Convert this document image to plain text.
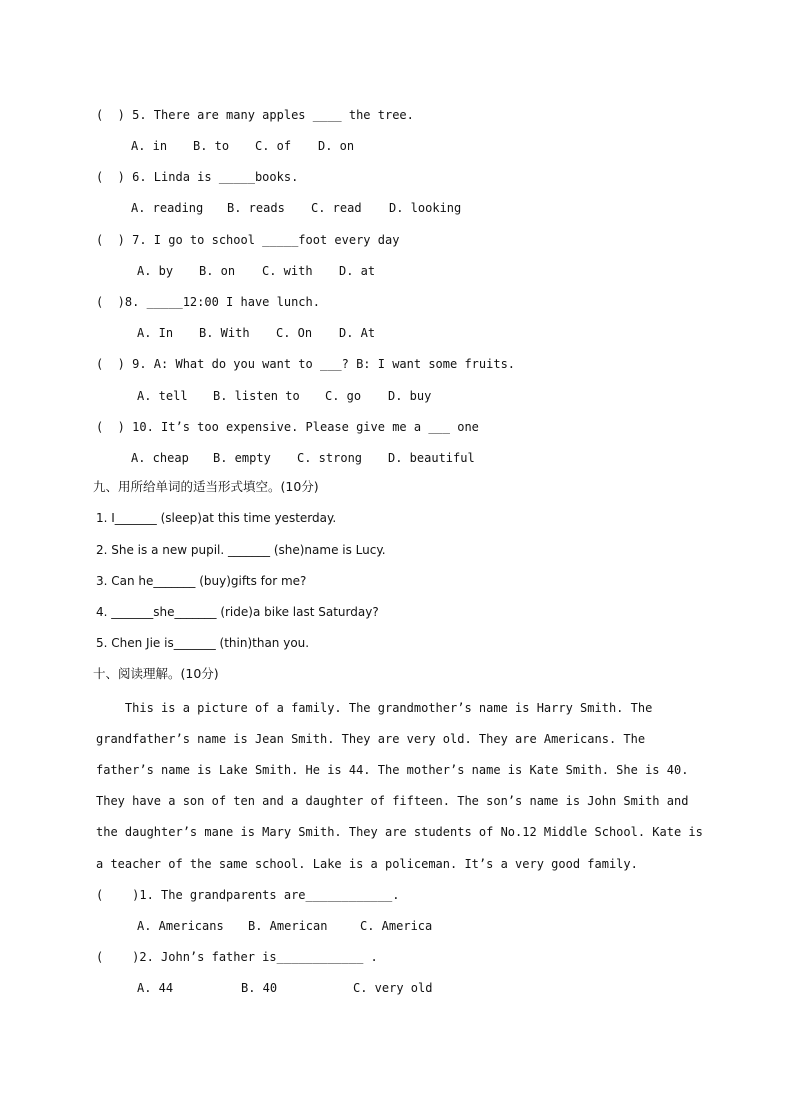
(  ) 5. There are many apples ____ the tree.
A. in B. to C. of D. on
(  ) 6. Linda is _____books.
A. reading B. reads C. read D. looking
(  ) 7. I go to school _____foot every day
A. by B. on C. with D. at
(  )8. _____12:00 I have lunch.
A. In B. With C. On D. At
(  ) 9. A: What do you want to ___? B: I want some fruits.
A. tell B. listen to C. go D. buy
(  ) 10. It’s too expensive. Please give me a ___ one
A. cheap B. empty C. strong D. beautiful
九、用所给单词的适当形式填空。(10分)
1. I_______ (sleep)at this time yesterday.
2. She is a new pupil. _______ (she)name is Lucy.
3. Can he_______ (buy)gifts for me?
4. _______she_______ (ride)a bike last Saturday?
5. Chen Jie is_______ (thin)than you.
十、阅读理解。(10分)
This is a picture of a family. The grandmother’s name is Harry Smith. The
grandfather’s name is Jean Smith. They are very old. They are Americans. The
father’s name is Lake Smith. He is 44. The mother’s name is Kate Smith. She is 40.
They have a son of ten and a daughter of fifteen. The son’s name is John Smith and
the daughter’s mane is Mary Smith. They are students of No.12 Middle School. Kate is
a teacher of the same school. Lake is a policeman. It’s a very good family.
(    )1. The grandparents are____________.
A. Americans B. American	C. America
(    )2. John’s father is____________ .
A. 44	B. 40	C. very old
